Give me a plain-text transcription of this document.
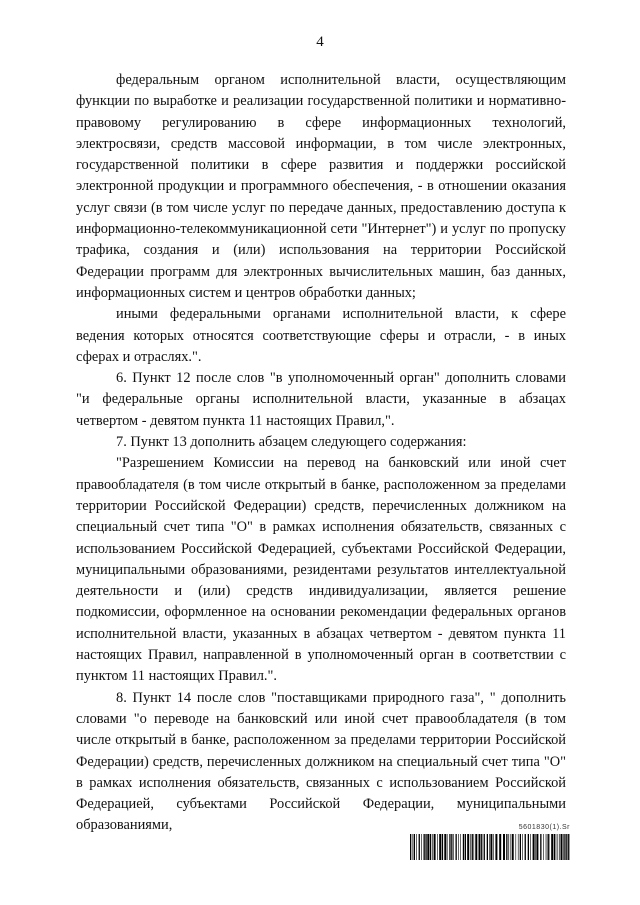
4

федеральным органом исполнительной власти, осуществляющим функции по выработке и реализации государственной политики и нормативно-правовому регулированию в сфере информационных технологий, электросвязи, средств массовой информации, в том числе электронных, государственной политики в сфере развития и поддержки российской электронной продукции и программного обеспечения, - в отношении оказания услуг связи (в том числе услуг по передаче данных, предоставлению доступа к информационно-телекоммуникационной сети "Интернет") и услуг по пропуску трафика, создания и (или) использования на территории Российской Федерации программ для электронных вычислительных машин, баз данных, информационных систем и центров обработки данных;

иными федеральными органами исполнительной власти, к сфере ведения которых относятся соответствующие сферы и отрасли, - в иных сферах и отраслях.".

6. Пункт 12 после слов "в уполномоченный орган" дополнить словами "и федеральные органы исполнительной власти, указанные в абзацах четвертом - девятом пункта 11 настоящих Правил,".

7. Пункт 13 дополнить абзацем следующего содержания:

"Разрешением Комиссии на перевод на банковский или иной счет правообладателя (в том числе открытый в банке, расположенном за пределами территории Российской Федерации) средств, перечисленных должником на специальный счет типа "О" в рамках исполнения обязательств, связанных с использованием Российской Федерацией, субъектами Российской Федерации, муниципальными образованиями, резидентами результатов интеллектуальной деятельности и (или) средств индивидуализации, является решение подкомиссии, оформленное на основании рекомендации федеральных органов исполнительной власти, указанных в абзацах четвертом - девятом пункта 11 настоящих Правил, направленной в уполномоченный орган в соответствии с пунктом 11 настоящих Правил.".

8. Пункт 14 после слов "поставщиками природного газа", " дополнить словами "о переводе на банковский или иной счет правообладателя (в том числе открытый в банке, расположенном за пределами территории Российской Федерации) средств, перечисленных должником на специальный счет типа "О" в рамках исполнения обязательств, связанных с использованием Российской Федерацией, субъектами Российской Федерации, муниципальными образованиями,	5601830(1).Sr
